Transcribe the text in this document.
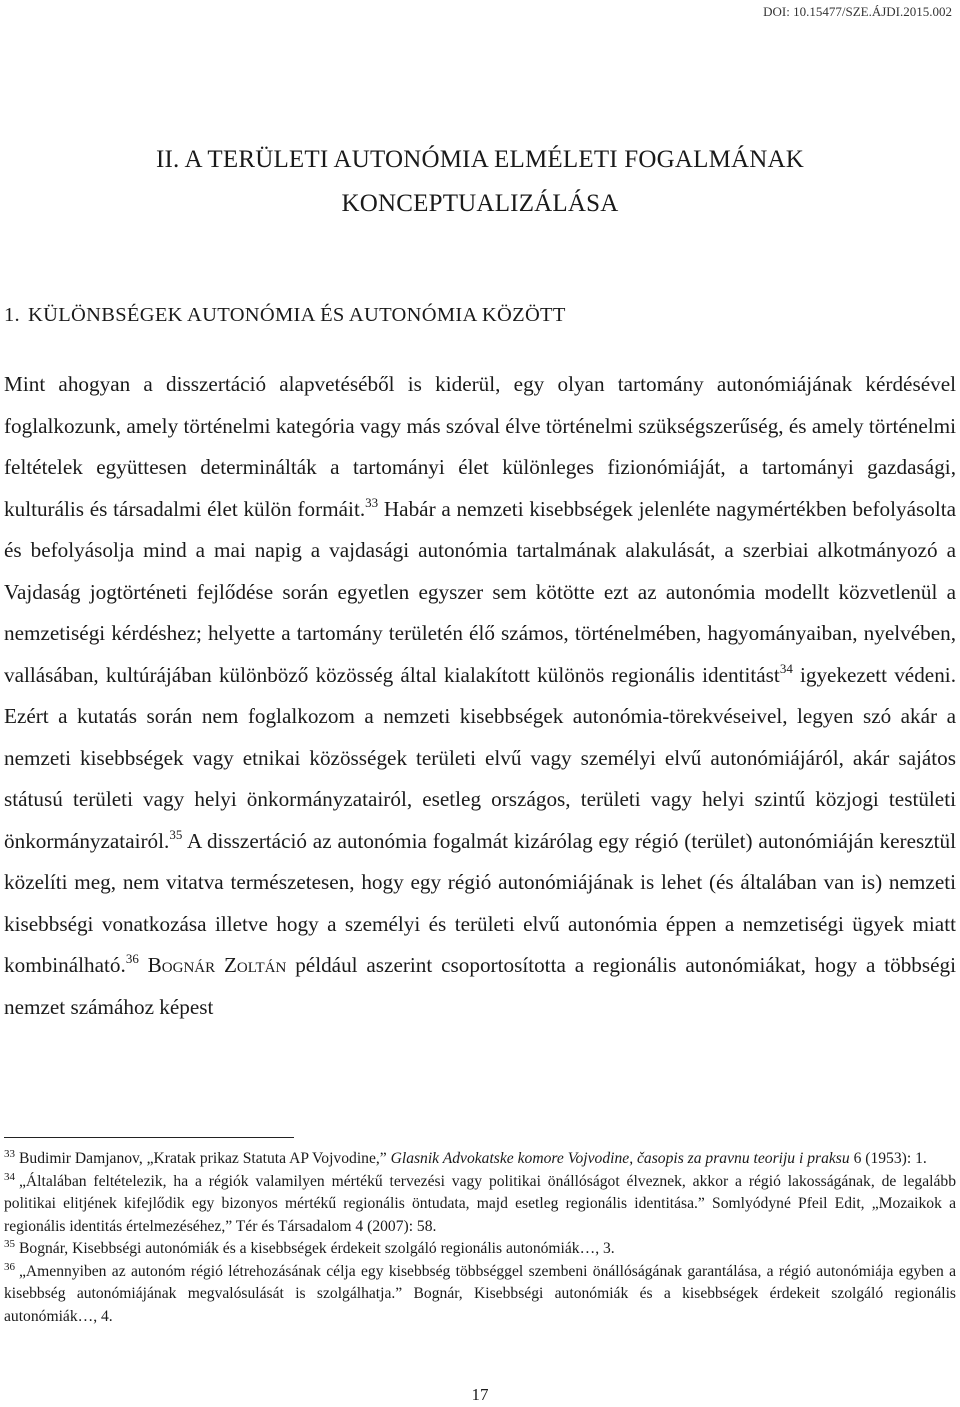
DOI: 10.15477/SZE.ÁJDI.2015.002
II. A TERÜLETI AUTONÓMIA ELMÉLETI FOGALMÁNAK
KONCEPTUALIZÁLÁSA
1. KÜLÖNBSÉGEK AUTONÓMIA ÉS AUTONÓMIA KÖZÖTT
Mint ahogyan a disszertáció alapvetéséből is kiderül, egy olyan tartomány autonómiájának kérdésével foglalkozunk, amely történelmi kategória vagy más szóval élve történelmi szükségszerűség, és amely történelmi feltételek együttesen determinálták a tartományi élet különleges fizionómiáját, a tartományi gazdasági, kulturális és társadalmi élet külön formáit.$^{33}$ Habár a nemzeti kisebbségek jelenléte nagymértékben befolyásolta és befolyásolja mind a mai napig a vajdasági autonómia tartalmának alakulását, a szerbiai alkotmányozó a Vajdaság jogtörténeti fejlődése során egyetlen egyszer sem kötötte ezt az autonómia modellt közvetlenül a nemzetiségi kérdéshez; helyette a tartomány területén élő számos, történelmében, hagyományaiban, nyelvében, vallásában, kultúrájában különböző közösség által kialakított különös regionális identitást$^{34}$ igyekezett védeni. Ezért a kutatás során nem foglalkozom a nemzeti kisebbségek autonómia-törekvéseivel, legyen szó akár a nemzeti kisebbségek vagy etnikai közösségek területi elvű vagy személyi elvű autonómiájáról, akár sajátos státusú területi vagy helyi önkormányzatairól, esetleg országos, területi vagy helyi szintű közjogi testületi önkormányzatairól.$^{35}$ A disszertáció az autonómia fogalmát kizárólag egy régió (terület) autonómiáján keresztül közelíti meg, nem vitatva természetesen, hogy egy régió autonómiájának is lehet (és általában van is) nemzeti kisebbségi vonatkozása illetve hogy a személyi és területi elvű autonómia éppen a nemzetiségi ügyek miatt kombinálható.$^{36}$ Bognár Zoltán például aszerint csoportosította a regionális autonómiákat, hogy a többségi nemzet számához képest

$^{33}$ Budimir Damjanov, „Kratak prikaz Statuta AP Vojvodine,” Glasnik Advokatske komore Vojvodine, časopis za pravnu teoriju i praksu 6 (1953): 1.

$^{34}$ „Általában feltételezik, ha a régiók valamilyen mértékű tervezési vagy politikai önállóságot élveznek, akkor a régió lakosságának, de legalább politikai elitjének kifejlődik egy bizonyos mértékű regionális öntudata, majd esetleg regionális identitása.” Somlyódyné Pfeil Edit, „Mozaikok a regionális identitás értelmezéséhez,” Tér és Társadalom 4 (2007): 58.

$^{35}$ Bognár, Kisebbségi autonómiák és a kisebbségek érdekeit szolgáló regionális autonómiák…, 3.

$^{36}$ „Amennyiben az autonóm régió létrehozásának célja egy kisebbség többséggel szembeni önállóságának garantálása, a régió autonómiája egyben a kisebbség autonómiájának megvalósulását is szolgálhatja.” Bognár, Kisebbségi autonómiák és a kisebbségek érdekeit szolgáló regionális autonómiák…, 4.

17
